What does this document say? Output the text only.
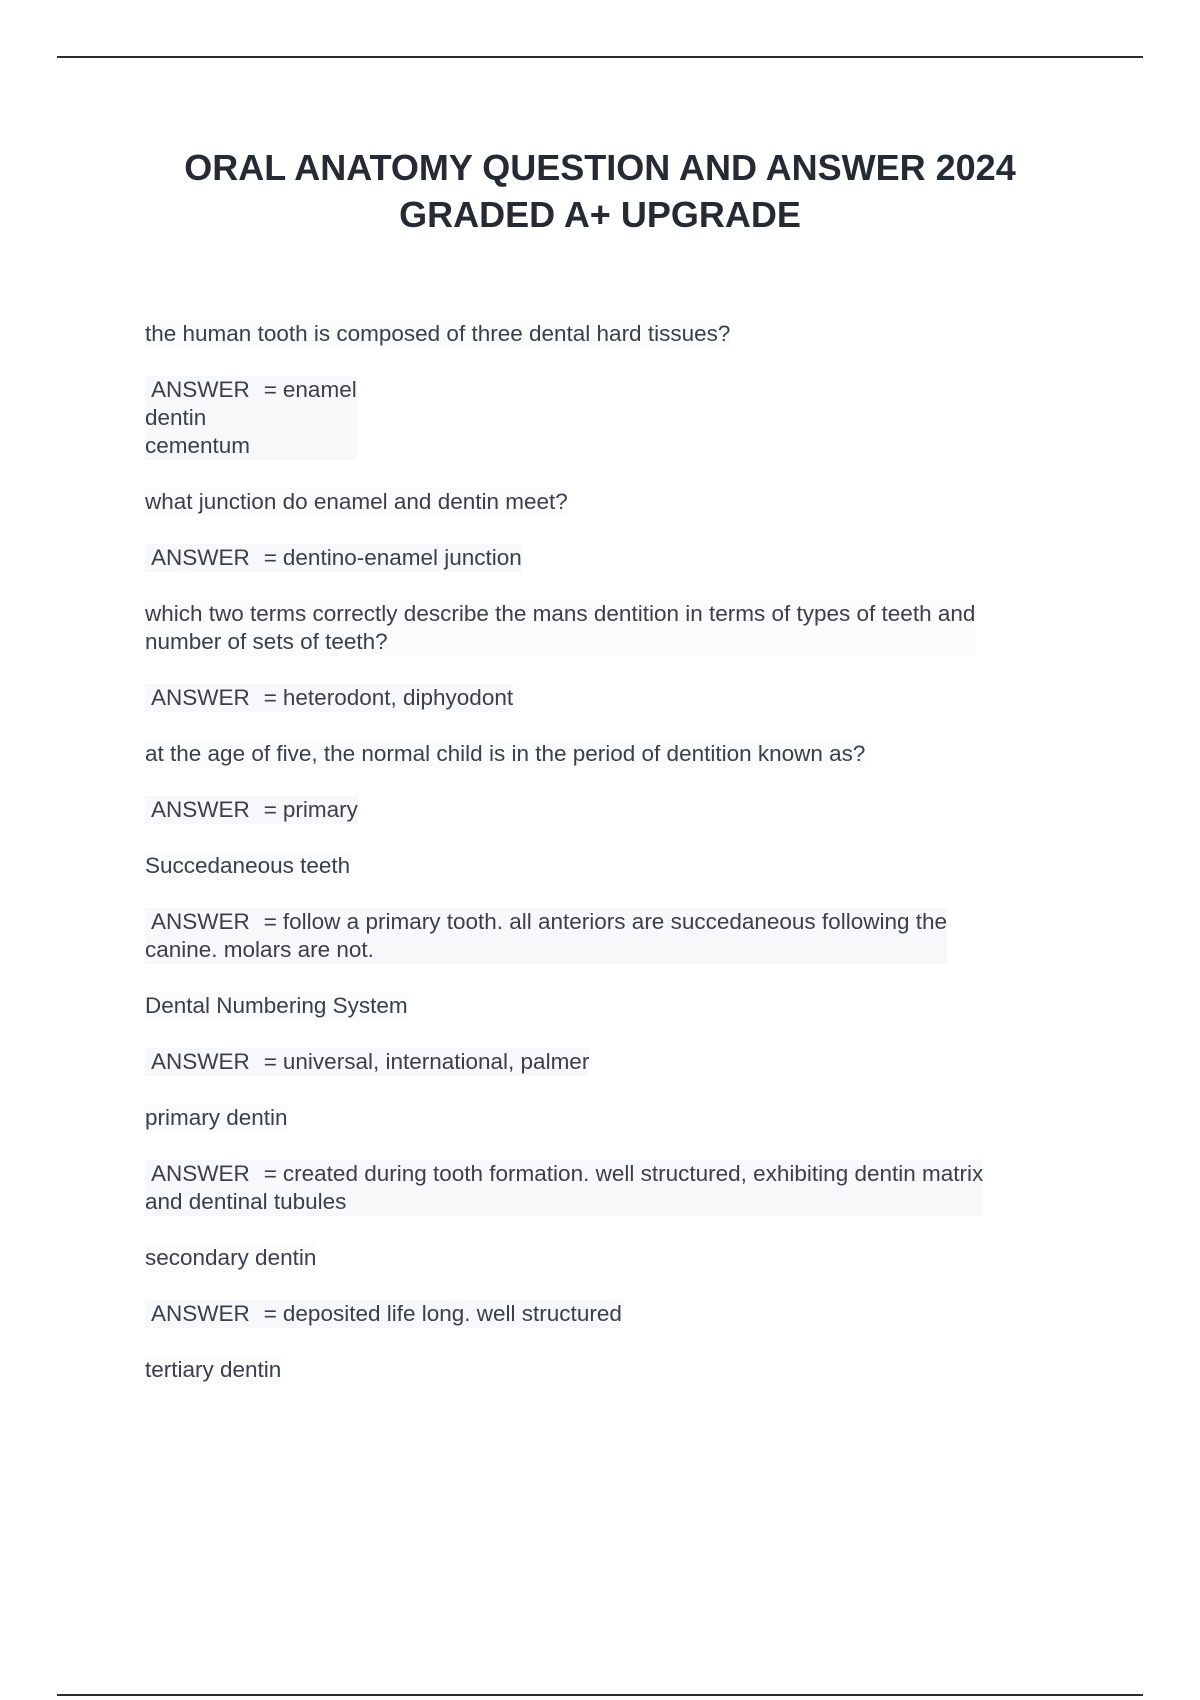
ORAL ANATOMY QUESTION AND ANSWER 2024
GRADED A+ UPGRADE
the human tooth is composed of three dental hard tissues?

ANSWER = enamel
dentin
cementum

what junction do enamel and dentin meet?

ANSWER = dentino-enamel junction

which two terms correctly describe the mans dentition in terms of types of teeth and
number of sets of teeth?

ANSWER = heterodont, diphyodont

at the age of five, the normal child is in the period of dentition known as?

ANSWER = primary

Succedaneous teeth

ANSWER = follow a primary tooth. all anteriors are succedaneous following the
canine. molars are not.

Dental Numbering System

ANSWER = universal, international, palmer

primary dentin

ANSWER = created during tooth formation. well structured, exhibiting dentin matrix
and dentinal tubules

secondary dentin

ANSWER = deposited life long. well structured

tertiary dentin
